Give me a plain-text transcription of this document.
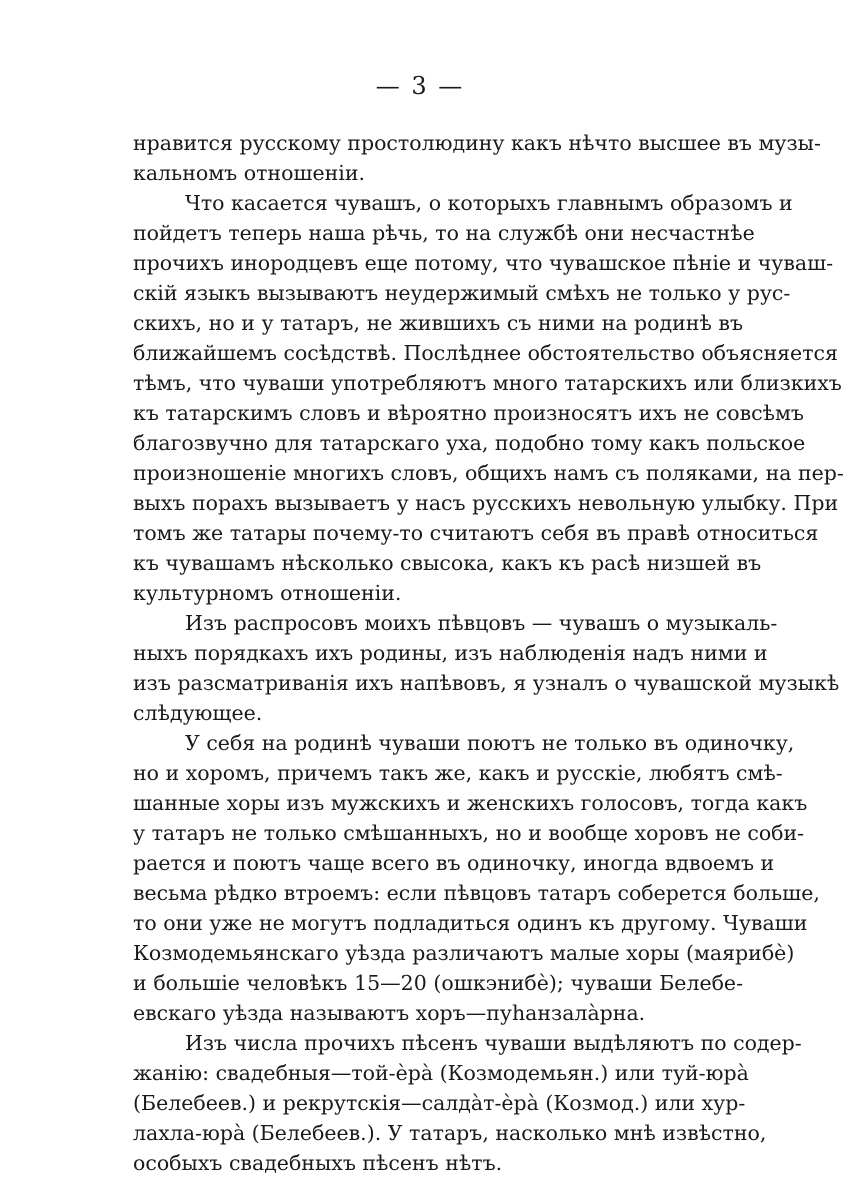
— 3 —
нравится русскому простолюдину какъ нѣчто высшее въ музы-
кальномъ отношеніи.
Что касается чувашъ, о которыхъ главнымъ образомъ и
пойдетъ теперь наша рѣчь, то на службѣ они несчастнѣе
прочихъ инородцевъ еще потому, что чувашское пѣніе и чуваш-
скій языкъ вызываютъ неудержимый смѣхъ не только у рус-
скихъ, но и у татаръ, не жившихъ съ ними на родинѣ въ
ближайшемъ сосѣдствѣ. Послѣднее обстоятельство объясняется
тѣмъ, что чуваши употребляютъ много татарскихъ или близкихъ
къ татарскимъ словъ и вѣроятно произносятъ ихъ не совсѣмъ
благозвучно для татарскаго уха, подобно тому какъ польское
произношеніе многихъ словъ, общихъ намъ съ поляками, на пер-
выхъ порахъ вызываетъ у насъ русскихъ невольную улыбку. При
томъ же татары почему-то считаютъ себя въ правѣ относиться
къ чувашамъ нѣсколько свысока, какъ къ расѣ низшей въ
культурномъ отношеніи.
Изъ распросовъ моихъ пѣвцовъ — чувашъ о музыкаль-
ныхъ порядкахъ ихъ родины, изъ наблюденія надъ ними и
изъ разсматриванія ихъ напѣвовъ, я узналъ о чувашской музыкѣ
слѣдующее.
У себя на родинѣ чуваши поютъ не только въ одиночку,
но и хоромъ, причемъ такъ же, какъ и русскіе, любятъ смѣ-
шанные хоры изъ мужскихъ и женскихъ голосовъ, тогда какъ
у татаръ не только смѣшанныхъ, но и вообще хоровъ не соби-
рается и поютъ чаще всего въ одиночку, иногда вдвоемъ и
весьма рѣдко втроемъ: если пѣвцовъ татаръ соберется больше,
то они уже не могутъ подладиться одинъ къ другому. Чуваши
Козмодемьянскаго уѣзда различаютъ малые хоры (маярибѐ)
и большіе человѣкъ 15—20 (ошкэнибѐ); чуваши Белебе-
евскаго уѣзда называютъ хоръ—пуhанзалàрна.
Изъ числа прочихъ пѣсенъ чуваши выдѣляютъ по содер-
жанію: свадебныя—той-ѐрà (Козмодемьян.) или туй-юрà
(Белебеев.) и рекрутскія—салдàт-ѐрà (Козмод.) или хур-
лахла-юрà (Белебеев.). У татаръ, насколько мнѣ извѣстно,
особыхъ свадебныхъ пѣсенъ нѣтъ.
